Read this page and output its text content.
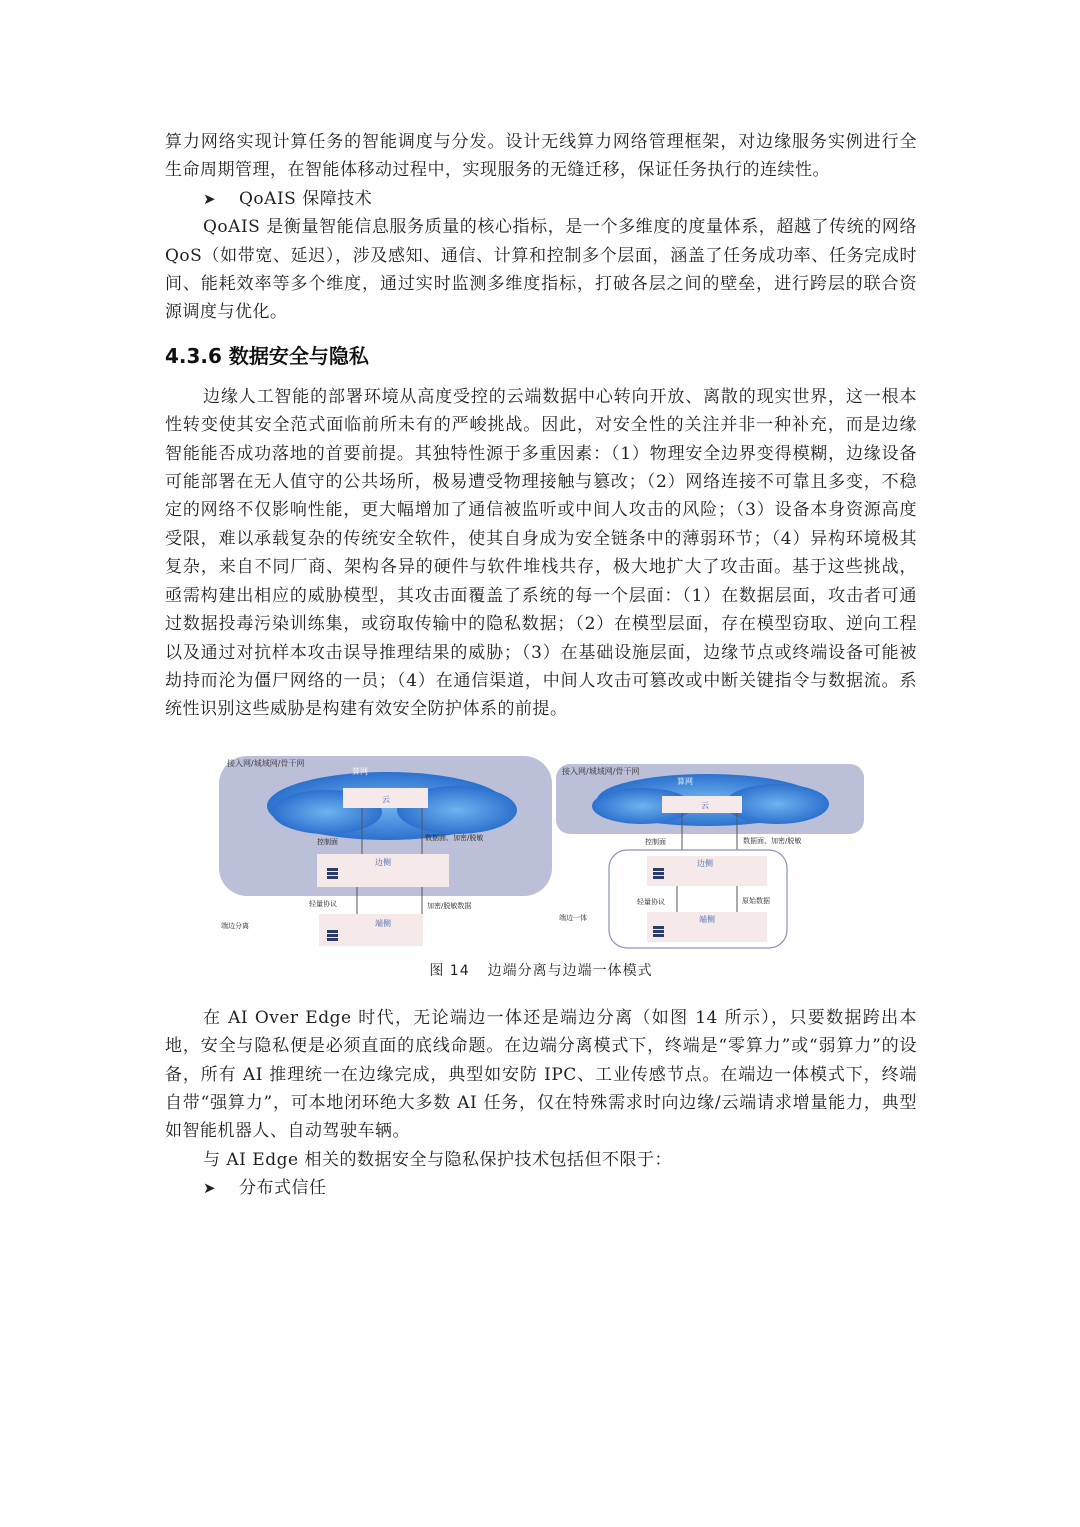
算力网络实现计算任务的智能调度与分发。设计无线算力网络管理框架，对边缘服务实例进行全生命周期管理，在智能体移动过程中，实现服务的无缝迁移，保证任务执行的连续性。

➤	QoAIS 保障技术

QoAIS 是衡量智能信息服务质量的核心指标，是一个多维度的度量体系，超越了传统的网络 QoS（如带宽、延迟），涉及感知、通信、计算和控制多个层面，涵盖了任务成功率、任务完成时间、能耗效率等多个维度，通过实时监测多维度指标，打破各层之间的壁垒，进行跨层的联合资源调度与优化。

4.3.6 数据安全与隐私

边缘人工智能的部署环境从高度受控的云端数据中心转向开放、离散的现实世界，这一根本性转变使其安全范式面临前所未有的严峻挑战。因此，对安全性的关注并非一种补充，而是边缘智能能否成功落地的首要前提。其独特性源于多重因素：（1）物理安全边界变得模糊，边缘设备可能部署在无人值守的公共场所，极易遭受物理接触与篡改；（2）网络连接不可靠且多变，不稳定的网络不仅影响性能，更大幅增加了通信被监听或中间人攻击的风险；（3）设备本身资源高度受限，难以承载复杂的传统安全软件，使其自身成为安全链条中的薄弱环节；（4）异构环境极其复杂，来自不同厂商、架构各异的硬件与软件堆栈共存，极大地扩大了攻击面。基于这些挑战，亟需构建出相应的威胁模型，其攻击面覆盖了系统的每一个层面：（1）在数据层面，攻击者可通过数据投毒污染训练集，或窃取传输中的隐私数据；（2）在模型层面，存在模型窃取、逆向工程以及通过对抗样本攻击误导推理结果的威胁；（3）在基础设施层面，边缘节点或终端设备可能被劫持而沦为僵尸网络的一员；（4）在通信渠道，中间人攻击可篡改或中断关键指令与数据流。系统性识别这些威胁是构建有效安全防护体系的前提。

接入网/城域网/骨干网
算网
云
控制面	数据面、加密/脱敏
边侧
轻量协议	加密/脱敏数据
端侧
端边分离
接入网/城域网/骨干网
算网
云
控制面	数据面、加密/脱敏
边侧
轻量协议	原始数据
端侧
端边一体
图 14 边端分离与边端一体模式

在 AI Over Edge 时代，无论端边一体还是端边分离（如图 14 所示），只要数据跨出本地，安全与隐私便是必须直面的底线命题。在边端分离模式下，终端是“零算力”或“弱算力”的设备，所有 AI 推理统一在边缘完成，典型如安防 IPC、工业传感节点。在端边一体模式下，终端自带“强算力”，可本地闭环绝大多数 AI 任务，仅在特殊需求时向边缘/云端请求增量能力，典型如智能机器人、自动驾驶车辆。

与 AI Edge 相关的数据安全与隐私保护技术包括但不限于：

➤	分布式信任
